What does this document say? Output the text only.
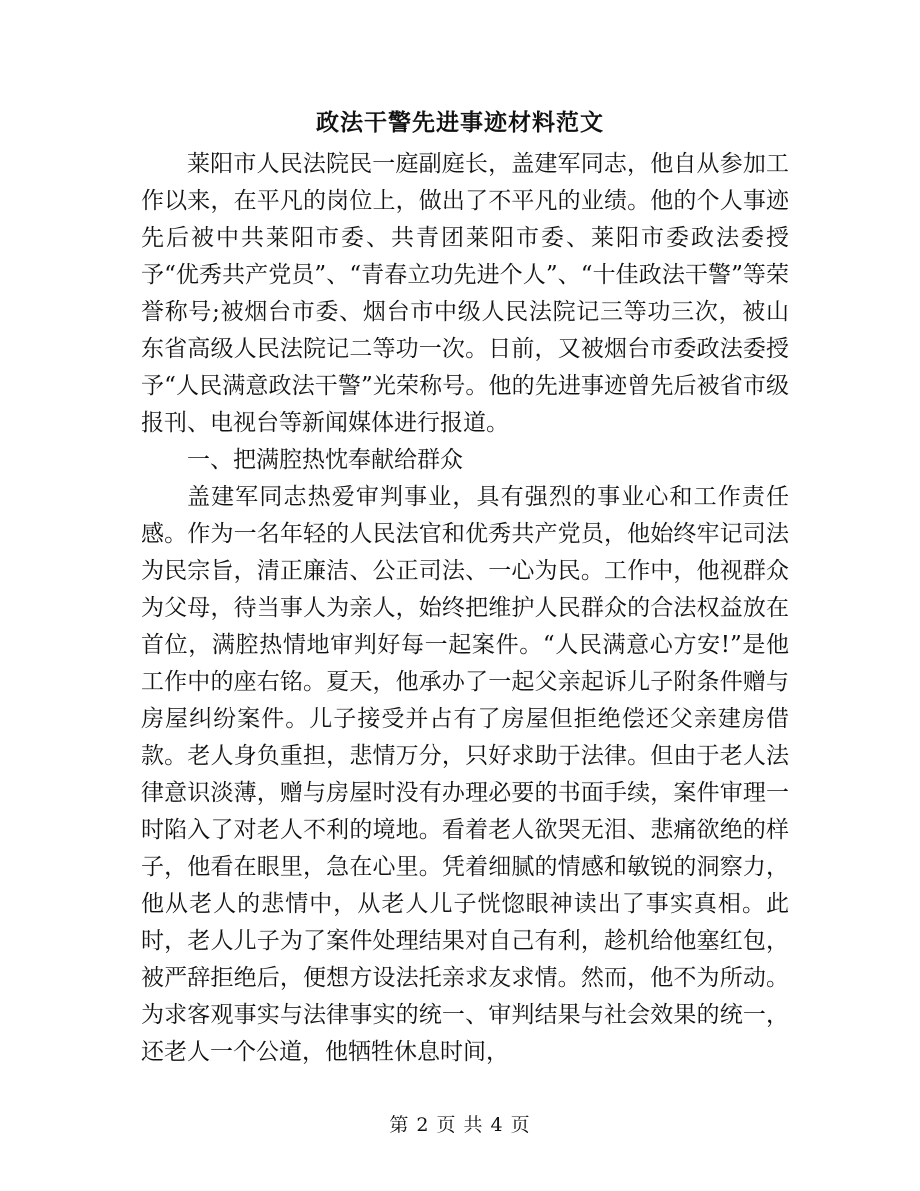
政法干警先进事迹材料范文

莱阳市人民法院民一庭副庭长，盖建军同志，他自从参加工作以来，在平凡的岗位上，做出了不平凡的业绩。他的个人事迹先后被中共莱阳市委、共青团莱阳市委、莱阳市委政法委授予“优秀共产党员”、“青春立功先进个人”、“十佳政法干警”等荣誉称号;被烟台市委、烟台市中级人民法院记三等功三次，被山东省高级人民法院记二等功一次。日前，又被烟台市委政法委授予“人民满意政法干警”光荣称号。他的先进事迹曾先后被省市级报刊、电视台等新闻媒体进行报道。

一、把满腔热忱奉献给群众

盖建军同志热爱审判事业，具有强烈的事业心和工作责任感。作为一名年轻的人民法官和优秀共产党员，他始终牢记司法为民宗旨，清正廉洁、公正司法、一心为民。工作中，他视群众为父母，待当事人为亲人，始终把维护人民群众的合法权益放在首位，满腔热情地审判好每一起案件。“人民满意心方安!”是他工作中的座右铭。夏天，他承办了一起父亲起诉儿子附条件赠与房屋纠纷案件。儿子接受并占有了房屋但拒绝偿还父亲建房借款。老人身负重担，悲情万分，只好求助于法律。但由于老人法律意识淡薄，赠与房屋时没有办理必要的书面手续，案件审理一时陷入了对老人不利的境地。看着老人欲哭无泪、悲痛欲绝的样子，他看在眼里，急在心里。凭着细腻的情感和敏锐的洞察力，他从老人的悲情中，从老人儿子恍惚眼神读出了事实真相。此时，老人儿子为了案件处理结果对自己有利，趁机给他塞红包，被严辞拒绝后，便想方设法托亲求友求情。然而，他不为所动。为求客观事实与法律事实的统一、审判结果与社会效果的统一，还老人一个公道，他牺牲休息时间，

第 2 页 共 4 页
